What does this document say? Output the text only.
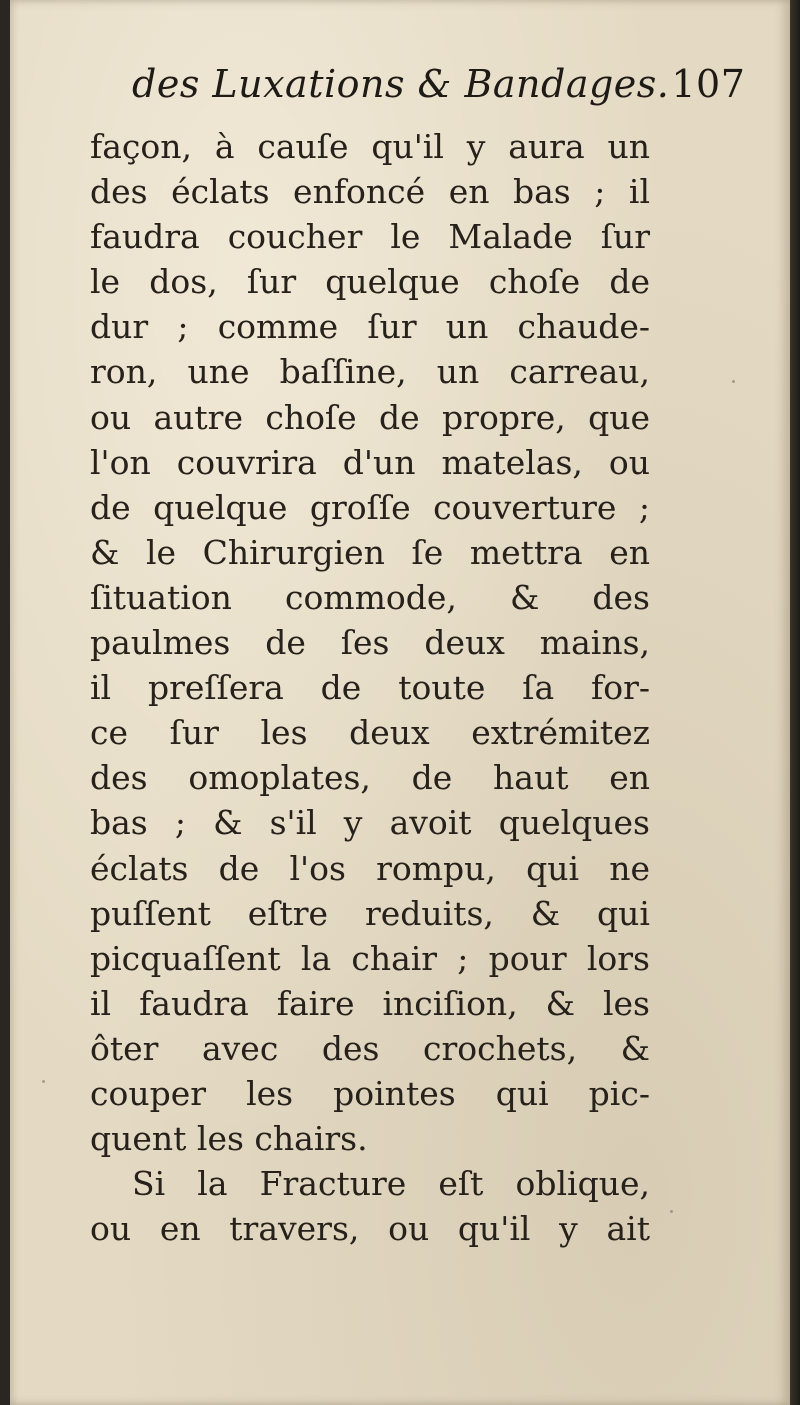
des Luxations & Bandages.107
façon, à cauſe qu'il y aura un
des éclats enfoncé en bas ; il
faudra coucher le Malade ſur
le dos, ſur quelque choſe de
dur ; comme ſur un chaude-
ron, une baſſine, un carreau,
ou autre choſe de propre, que
l'on couvrira d'un matelas, ou
de quelque groſſe couverture ;
& le Chirurgien ſe mettra en
ſituation commode, & des
paulmes de ſes deux mains,
il preſſera de toute ſa for-
ce ſur les deux extrémitez
des omoplates, de haut en
bas ; & s'il y avoit quelques
éclats de l'os rompu, qui ne
puſſent eſtre reduits, & qui
picquaſſent la chair ; pour lors
il faudra faire inciſion, & les
ôter avec des crochets, &
couper les pointes qui pic-
quent les chairs.
Si la Fracture eſt oblique,
ou en travers, ou qu'il y ait
